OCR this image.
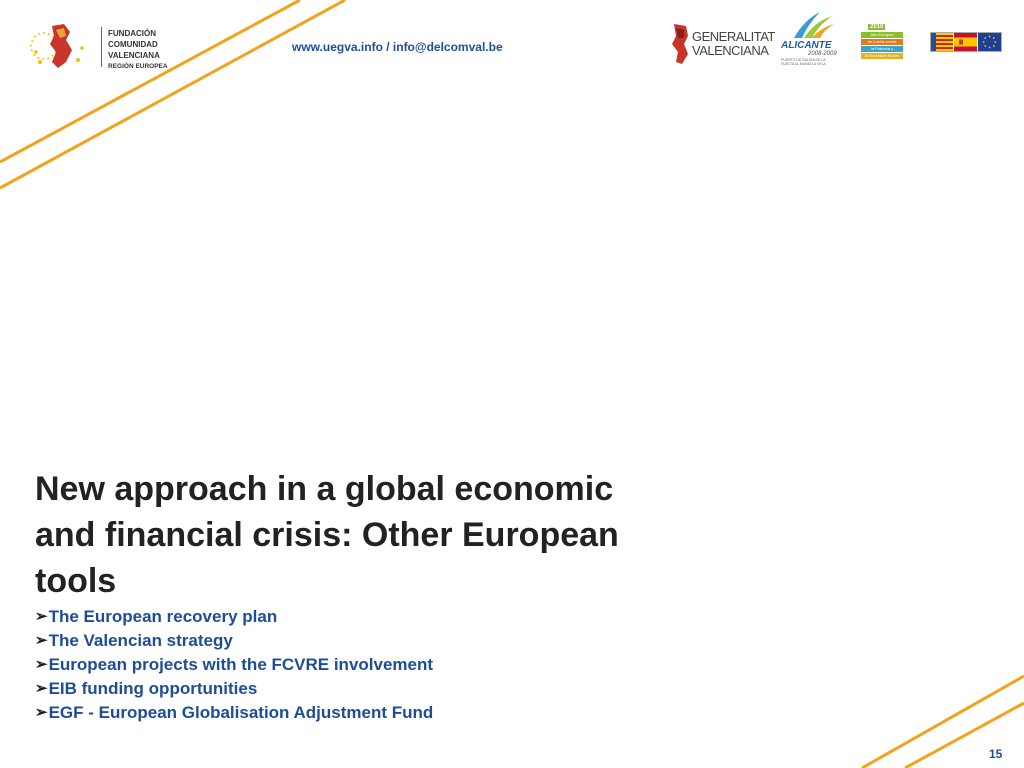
FUNDACIÓN
COMUNIDAD
VALENCIANA
REGIÓN EUROPEA
www.uegva.info / info@delcomval.be
GENERALITAT
VALENCIANA	ALICANTE
2008-2009
PUERTO DE SALIDA DE LA VUELTA AL MUNDO A VELA
2010
Año Europeo
de Lucha contra
la Pobreza y
la Exclusión Social
New approach in a global economic and financial crisis: Other European tools
➢ The European recovery plan
➢ The Valencian strategy
➢ European projects with the FCVRE involvement
➢ EIB funding opportunities
➢ EGF - European Globalisation Adjustment Fund
15
